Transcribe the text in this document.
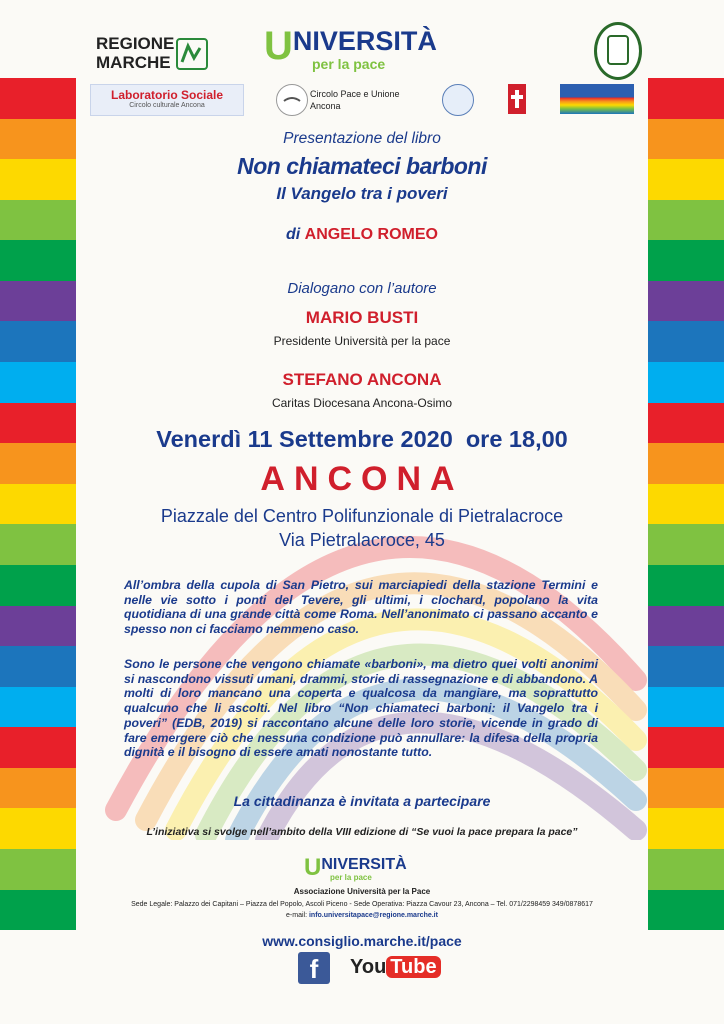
REGIONE
MARCHE UNIVERSITÀ
per la pace
Laboratorio Sociale
Circolo culturale Ancona
Circolo Pace e Unione
Ancona
Presentazione del libro
Non chiamateci barboni
Il Vangelo tra i poveri
di ANGELO ROMEO
Dialogano con l’autore
MARIO BUSTI
Presidente Università per la pace
STEFANO ANCONA
Caritas Diocesana Ancona-Osimo
Venerdì 11 Settembre 2020  ore 18,00
ANCONA
Piazzale del Centro Polifunzionale di Pietralacroce
Via Pietralacroce, 45
All’ombra della cupola di San Pietro, sui marciapiedi della stazione Termini e nelle vie sotto i ponti del Tevere, gli ultimi, i clochard, popolano la vita quotidiana di una grande città come Roma. Nell’anonimato ci passano accanto e spesso non ci facciamo nemmeno caso.
Sono le persone che vengono chiamate «barboni», ma dietro quei volti anonimi si nascondono vissuti umani, drammi, storie di rassegnazione e di abbandono. A molti di loro mancano una coperta e qualcosa da mangiare, ma soprattutto qualcuno che li ascolti. Nel libro “Non chiamateci barboni: il Vangelo tra i poveri” (EDB, 2019) si raccontano alcune delle loro storie, vicende in grado di fare emergere ciò che nessuna condizione può annullare: la difesa della propria dignità e il bisogno di essere amati nonostante tutto.
La cittadinanza è invitata a partecipare
L’iniziativa si svolge nell’ambito della VIII edizione di “Se vuoi la pace prepara la pace”
UNIVERSITÀ
per la pace
Associazione Università per la Pace
Sede Legale: Palazzo dei Capitani – Piazza del Popolo, Ascoli Piceno - Sede Operativa: Piazza Cavour 23, Ancona – Tel. 071/2298459 349/0878617
e-mail: info.universitapace@regione.marche.it
www.consiglio.marche.it/pace
f	You Tube
